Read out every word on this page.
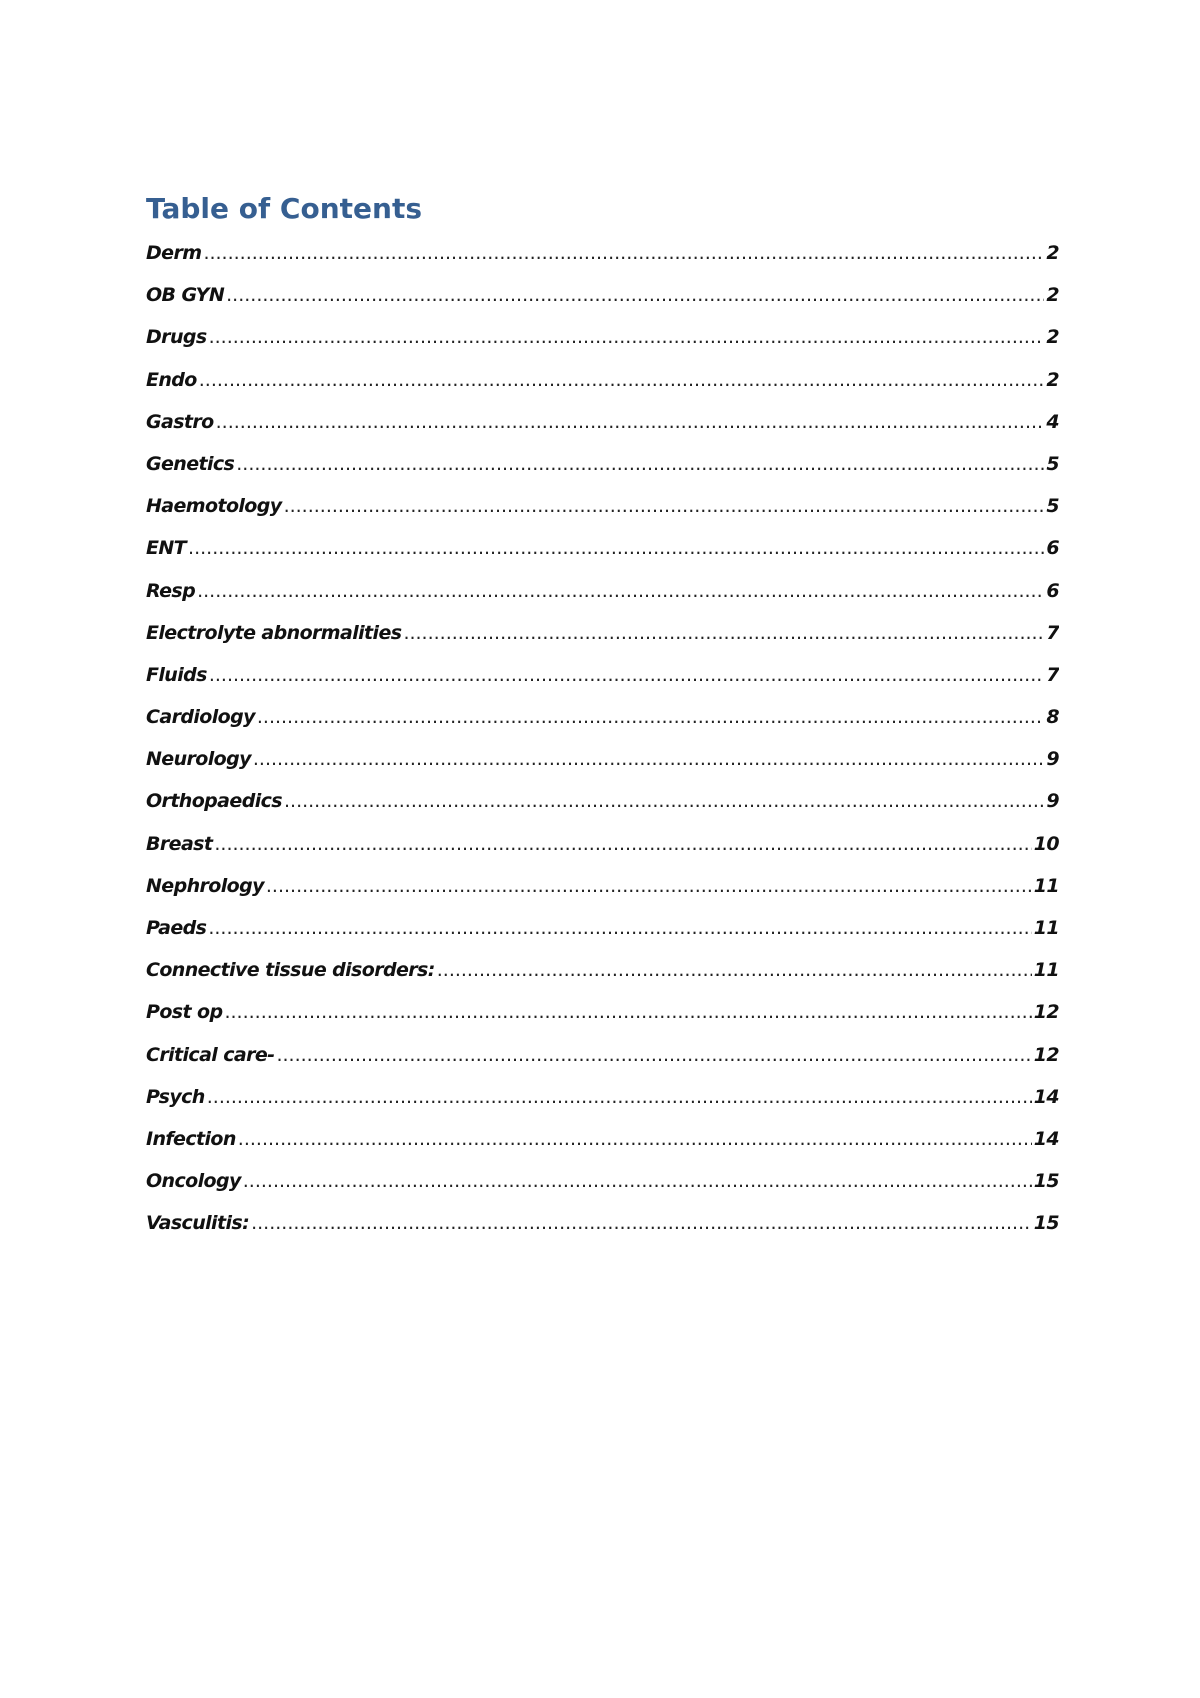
Table of Contents
Derm .....	2
OB GYN .....	2
Drugs .....	2
Endo .....	2
Gastro .....	4
Genetics .....	5
Haemotology .....	5
ENT .....	6
Resp .....	6
Electrolyte abnormalities .....	7
Fluids .....	7
Cardiology .....	8
Neurology .....	9
Orthopaedics .....	9
Breast .....	10
Nephrology .....	11
Paeds .....	11
Connective tissue disorders: .....	11
Post op .....	12
Critical care- .....	12
Psych .....	14
Infection .....	14
Oncology .....	15
Vasculitis: .....	15
